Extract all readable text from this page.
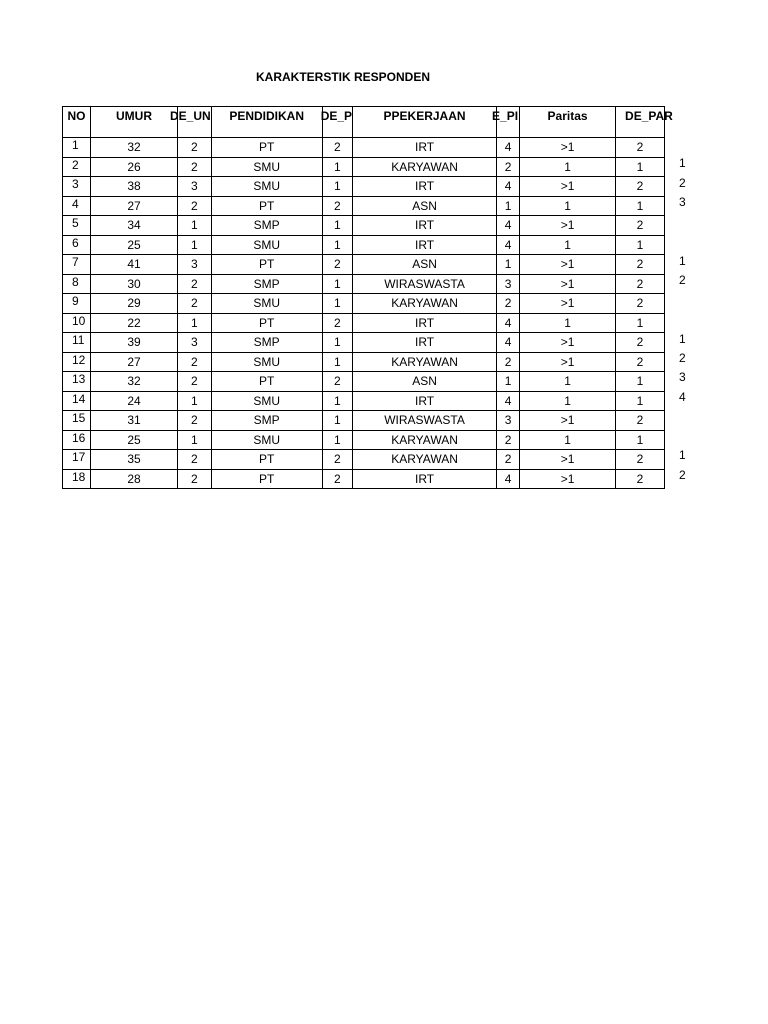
KARAKTERSTIK RESPONDEN
NO	UMUR	DE_UN	PENDIDIKAN	DE_P	PPEKERJAAN	E_PI	Paritas	DE_PAR
1	32	2	PT	2	IRT	4	>1	2
2	26	2	SMU	1	KARYAWAN	2	1	1
3	38	3	SMU	1	IRT	4	>1	2
4	27	2	PT	2	ASN	1	1	1
5	34	1	SMP	1	IRT	4	>1	2
6	25	1	SMU	1	IRT	4	1	1
7	41	3	PT	2	ASN	1	>1	2
8	30	2	SMP	1	WIRASWASTA	3	>1	2
9	29	2	SMU	1	KARYAWAN	2	>1	2
10	22	1	PT	2	IRT	4	1	1
11	39	3	SMP	1	IRT	4	>1	2
12	27	2	SMU	1	KARYAWAN	2	>1	2
13	32	2	PT	2	ASN	1	1	1
14	24	1	SMU	1	IRT	4	1	1
15	31	2	SMP	1	WIRASWASTA	3	>1	2
16	25	1	SMU	1	KARYAWAN	2	1	1
17	35	2	PT	2	KARYAWAN	2	>1	2
18	28	2	PT	2	IRT	4	>1	2
1
2
3
1
2
1
2
3
4
1
2
